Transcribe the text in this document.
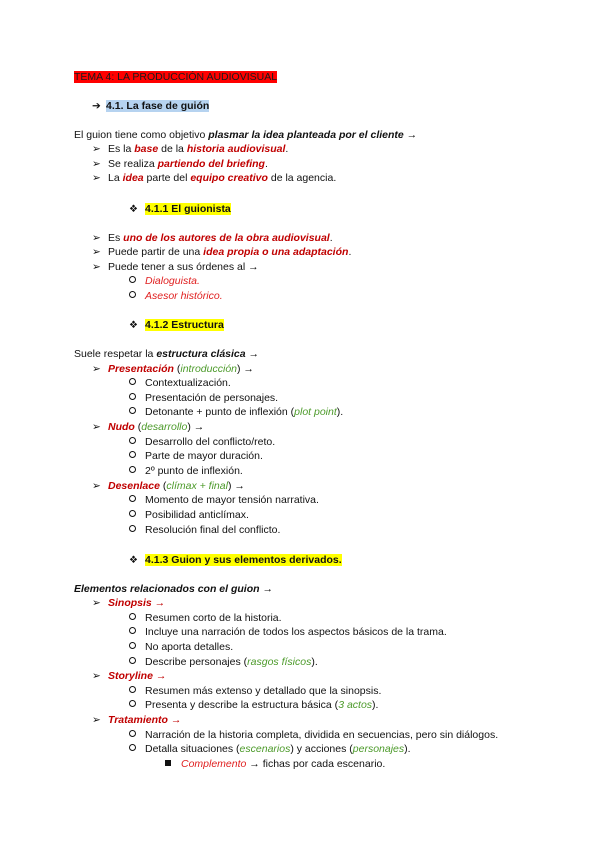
TEMA 4: LA PRODUCCIÓN AUDIOVISUAL
➔ 4.1. La fase de guión
El guion tiene como objetivo plasmar la idea planteada por el cliente →
➢ Es la base de la historia audiovisual.
➢ Se realiza partiendo del briefing.
➢ La idea parte del equipo creativo de la agencia.
❖ 4.1.1 El guionista
➢ Es uno de los autores de la obra audiovisual.
➢ Puede partir de una idea propia o una adaptación.
➢ Puede tener a sus órdenes al →
Dialoguista.
Asesor histórico.
❖ 4.1.2 Estructura
Suele respetar la estructura clásica →
➢ Presentación (introducción) →
Contextualización.
Presentación de personajes.
Detonante + punto de inflexión (plot point).
➢ Nudo (desarrollo) →
Desarrollo del conflicto/reto.
Parte de mayor duración.
2º punto de inflexión.
➢ Desenlace (clímax + final) →
Momento de mayor tensión narrativa.
Posibilidad anticlímax.
Resolución final del conflicto.
❖ 4.1.3 Guion y sus elementos derivados.
Elementos relacionados con el guion →
➢ Sinopsis →
Resumen corto de la historia.
Incluye una narración de todos los aspectos básicos de la trama.
No aporta detalles.
Describe personajes (rasgos físicos).
➢ Storyline →
Resumen más extenso y detallado que la sinopsis.
Presenta y describe la estructura básica (3 actos).
➢ Tratamiento →
Narración de la historia completa, dividida en secuencias, pero sin diálogos.
Detalla situaciones (escenarios) y acciones (personajes).
Complemento → fichas por cada escenario.
